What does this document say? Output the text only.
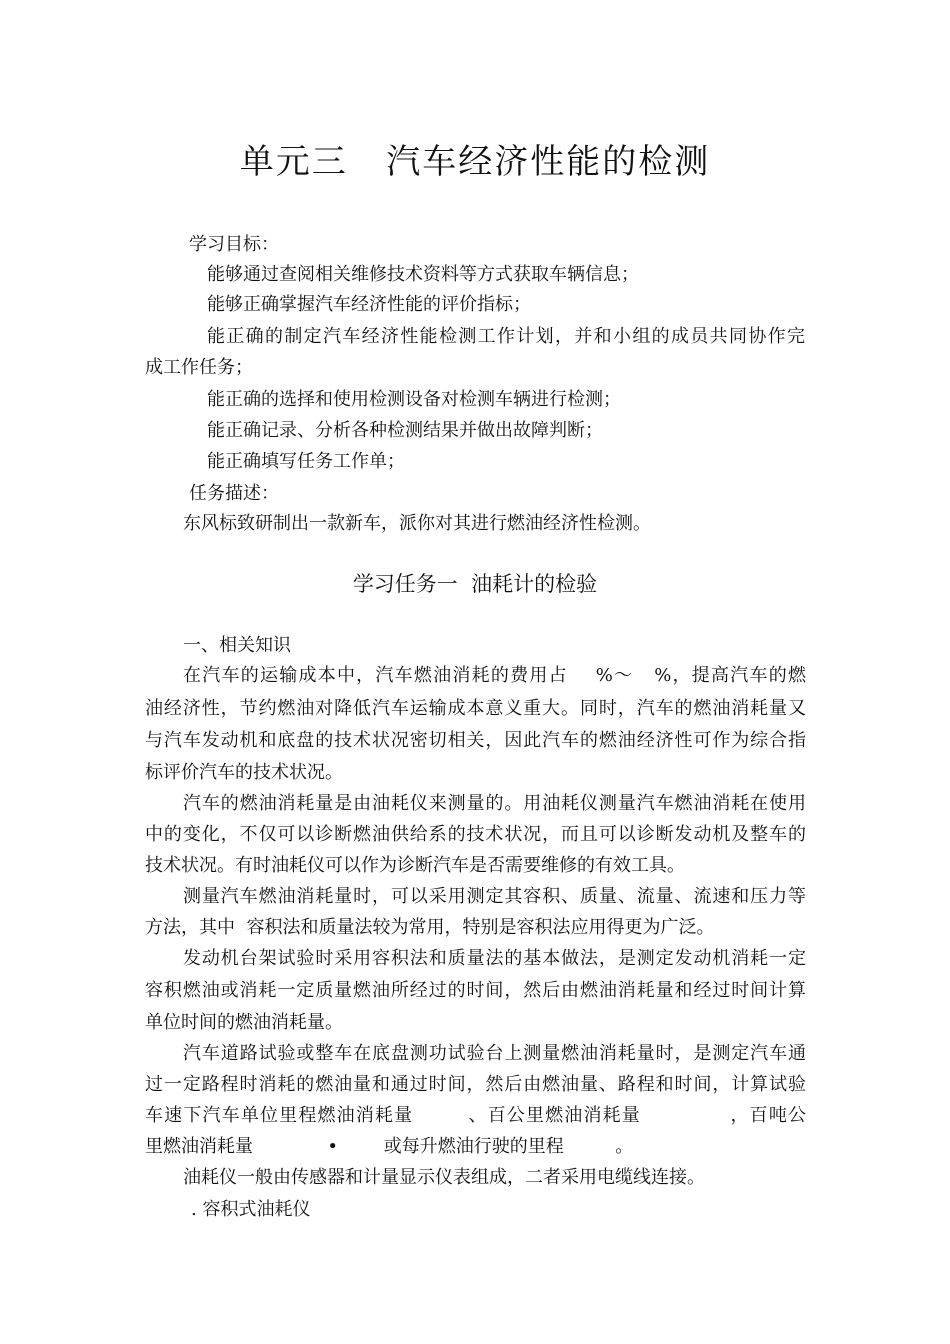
单元三   汽车经济性能的检测
学习目标：
能够通过查阅相关维修技术资料等方式获取车辆信息；
能够正确掌握汽车经济性能的评价指标；
能正确的制定汽车经济性能检测工作计划，并和小组的成员共同协作完
成工作任务；
能正确的选择和使用检测设备对检测车辆进行检测；
能正确记录、分析各种检测结果并做出故障判断；
能正确填写任务工作单；
任务描述：
东风标致研制出一款新车，派你对其进行燃油经济性检测。
学习任务一  油耗计的检验
一、相关知识
在汽车的运输成本中，汽车燃油消耗的费用占    %～   %，提高汽车的燃
油经济性，节约燃油对降低汽车运输成本意义重大。同时，汽车的燃油消耗量又
与汽车发动机和底盘的技术状况密切相关，因此汽车的燃油经济性可作为综合指
标评价汽车的技术状况。
汽车的燃油消耗量是由油耗仪来测量的。用油耗仪测量汽车燃油消耗在使用
中的变化，不仅可以诊断燃油供给系的技术状况，而且可以诊断发动机及整车的
技术状况。有时油耗仪可以作为诊断汽车是否需要维修的有效工具。
测量汽车燃油消耗量时，可以采用测定其容积、质量、流量、流速和压力等
方法，其中  容积法和质量法较为常用，特别是容积法应用得更为广泛。
发动机台架试验时采用容积法和质量法的基本做法，是测定发动机消耗一定
容积燃油或消耗一定质量燃油所经过的时间，然后由燃油消耗量和经过时间计算
单位时间的燃油消耗量。
汽车道路试验或整车在底盘测功试验台上测量燃油消耗量时，是测定汽车通
过一定路程时消耗的燃油量和通过时间，然后由燃油量、路程和时间，计算试验
车速下汽车单位里程燃油消耗量        、百公里燃油消耗量             ，百吨公
里燃油消耗量             •        或每升燃油行驶的里程         。
油耗仪一般由传感器和计量显示仪表组成，二者采用电缆线连接。
. 容积式油耗仪
